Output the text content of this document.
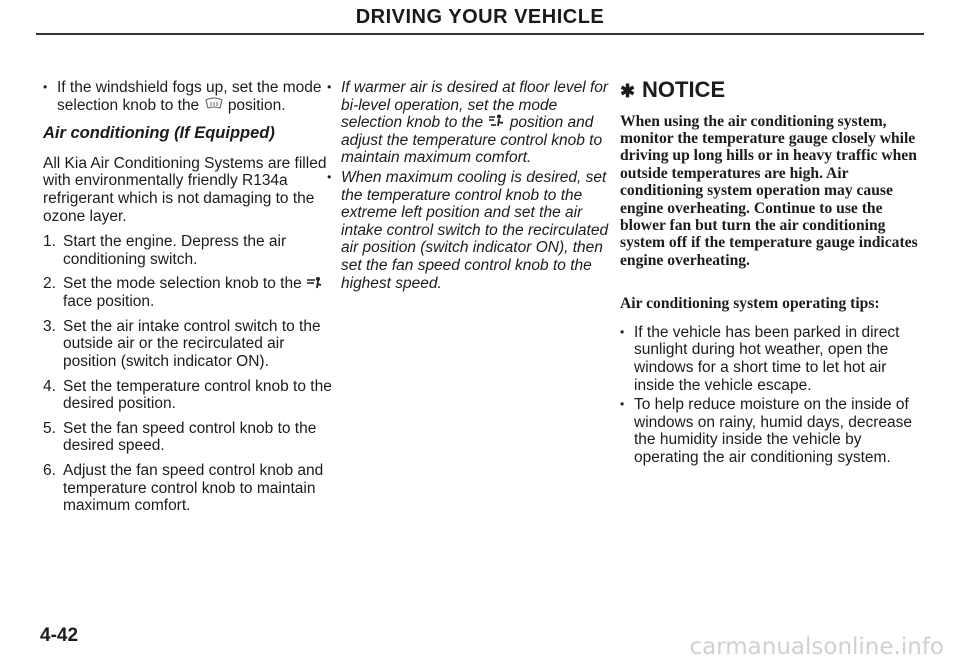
DRIVING YOUR VEHICLE
• If the windshield fogs up, set the mode selection knob to the position.
Air conditioning (If Equipped)
All Kia Air Conditioning Systems are filled with environmentally friendly R134a refrigerant which is not damaging to the ozone layer.
1. Start the engine. Depress the air conditioning switch.
2. Set the mode selection knob to the  face position.
3. Set the air intake control switch to the outside air or the recirculated air position (switch indicator ON).
4. Set the temperature control knob to the desired position.
5. Set the fan speed control knob to the desired speed.
6. Adjust the fan speed control knob and temperature control knob to maintain maximum comfort.
• If warmer air is desired at floor level for bi-level operation, set the mode selection knob to the position and adjust the temperature control knob to maintain maximum comfort.
• When maximum cooling is desired, set the temperature control knob to the extreme left position and set the air intake control switch to the recirculated air position (switch indicator ON), then set the fan speed control knob to the highest speed.
✱ NOTICE
When using the air conditioning system, monitor the temperature gauge closely while driving up long hills or in heavy traffic when outside temperatures are high. Air conditioning system operation may cause engine overheating. Continue to use the blower fan but turn the air conditioning system off if the temperature gauge indicates engine overheating.
Air conditioning system operating tips:
• If the vehicle has been parked in direct sunlight during hot weather, open the windows for a short time to let hot air inside the vehicle escape.
• To help reduce moisture on the inside of windows on rainy, humid days, decrease the humidity inside the vehicle by operating the air conditioning system.
4-42	carmanualsonline.info
